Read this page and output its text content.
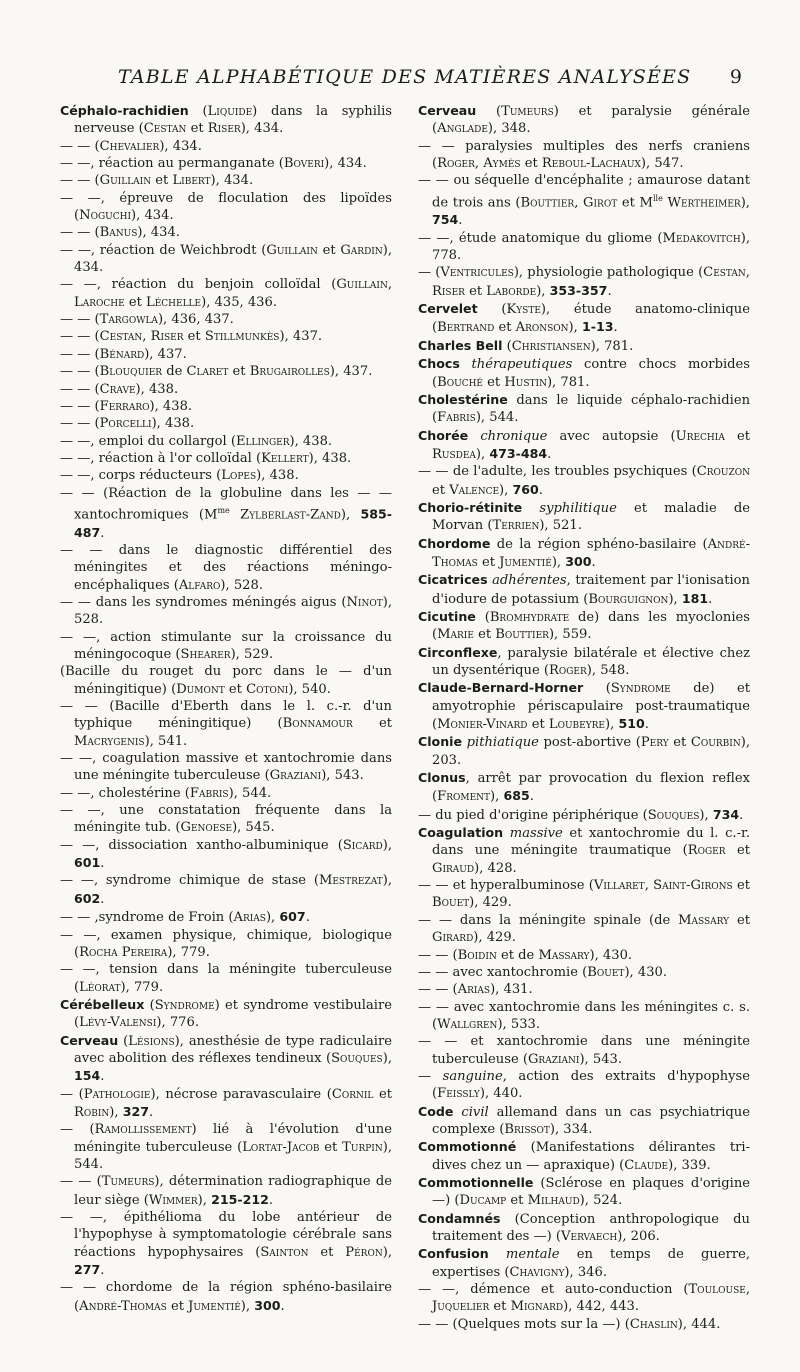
TABLE ALPHABÉTIQUE DES MATIÈRES ANALYSÉES 9

Céphalo-rachidien (Liquide) dans la syphilis nerveuse (Cestan et Riser), 434.

— — (Chevalier), 434.

— —, réaction au permanganate (Boveri), 434.

— — (Guillain et Libert), 434.

— —, épreuve de floculation des lipoïdes (Noguchi), 434.

— — (Banus), 434.

— —, réaction de Weichbrodt (Guillain et Gardin), 434.

— —, réaction du benjoin colloïdal (Guillain, Laroche et Léchelle), 435, 436.

— — (Targowla), 436, 437.

— — (Cestan, Riser et Stillmunkès), 437.

— — (Bénard), 437.

— — (Blouquier de Claret et Brugairolles), 437.

— — (Crave), 438.

— — (Ferraro), 438.

— — (Porcelli), 438.

— —, emploi du collargol (Ellinger), 438.

— —, réaction à l'or colloïdal (Kellert), 438.

— —, corps réducteurs (Lopes), 438.

— — (Réaction de la globuline dans les — — xantochromiques ($M^{me}$ Zylberlast-Zand), 585-487.

— — dans le diagnostic différentiel des méningites et des réactions méningo-encéphaliques (Alfaro), 528.

— — dans les syndromes méningés aigus (Ninot), 528.

— —, action stimulante sur la croissance du méningocoque (Shearer), 529.

(Bacille du rouget du porc dans le — d'un méningitique) (Dumont et Cotoni), 540.

— — (Bacille d'Eberth dans le l. c.-r. d'un typhique méningitique) (Bonnamour et Macrygenis), 541.

— —, coagulation massive et xantochromie dans une méningite tuberculeuse (Graziani), 543.

— —, cholestérine (Fabris), 544.

— —, une constatation fréquente dans la méningite tub. (Genoese), 545.

— —, dissociation xantho-albuminique (Sicard), 601.

— —, syndrome chimique de stase (Mestrezat), 602.

— — ,syndrome de Froin (Arias), 607.

— —, examen physique, chimique, biologique (Rocha Pereira), 779.

— —, tension dans la méningite tuberculeuse (Léorat), 779.

Cérébelleux (Syndrome) et syndrome vestibulaire (Lévy-Valensi), 776.

Cerveau (Lésions), anesthésie de type radiculaire avec abolition des réflexes tendineux (Souques), 154.

— (Pathologie), nécrose paravasculaire (Cornil et Robin), 327.

— (Ramollissement) lié à l'évolution d'une méningite tuberculeuse (Lortat-Jacob et Turpin), 544.

— — (Tumeurs), détermination radiographique de leur siège (Wimmer), 215-212.

— —, épithélioma du lobe antérieur de l'hypophyse à symptomatologie cérébrale sans réactions hypophysaires (Sainton et Péron), 277.

— — chordome de la région sphéno-basilaire (André-Thomas et Jumentié), 300.

Cerveau (Tumeurs) et paralysie générale (Anglade), 348.

— — paralysies multiples des nerfs craniens (Roger, Aymès et Reboul-Lachaux), 547.

— — ou séquelle d'encéphalite ; amaurose datant de trois ans (Bouttier, Girot et $M^{lle}$ Wertheimer), 754.

— —, étude anatomique du gliome (Medakovitch), 778.

— (Ventricules), physiologie pathologique (Cestan, Riser et Laborde), 353-357.

Cervelet (Kyste), étude anatomo-clinique (Bertrand et Aronson), 1-13.

Charles Bell (Christiansen), 781.

Chocs thérapeutiques contre chocs morbides (Bouché et Hustin), 781.

Cholestérine dans le liquide céphalo-rachidien (Fabris), 544.

Chorée chronique avec autopsie (Urechia et Rusdea), 473-484.

— — de l'adulte, les troubles psychiques (Crouzon et Valence), 760.

Chorio-rétinite syphilitique et maladie de Morvan (Terrien), 521.

Chordome de la région sphéno-basilaire (André-Thomas et Jumentié), 300.

Cicatrices adhérentes, traitement par l'ionisation d'iodure de potassium (Bourguignon), 181.

Cicutine (Bromhydrate de) dans les myoclonies (Marie et Bouttier), 559.

Circonflexe, paralysie bilatérale et élective chez un dysentérique (Roger), 548.

Claude-Bernard-Horner (Syndrome de) et amyotrophie périscapulaire post-traumatique (Monier-Vinard et Loubeyre), 510.

Clonie pithiatique post-abortive (Pery et Courbin), 203.

Clonus, arrêt par provocation du flexion reflex (Froment), 685.

— du pied d'origine périphérique (Souques), 734.

Coagulation massive et xantochromie du l. c.-r. dans une méningite traumatique (Roger et Giraud), 428.

— — et hyperalbuminose (Villaret, Saint-Girons et Bouet), 429.

— — dans la méningite spinale (de Massary et Girard), 429.

— — (Boidin et de Massary), 430.

— — avec xantochromie (Bouet), 430.

— — (Arias), 431.

— — avec xantochromie dans les méningites c. s. (Wallgren), 533.

— — et xantochromie dans une méningite tuberculeuse (Graziani), 543.

— sanguine, action des extraits d'hypophyse (Feissly), 440.

Code civil allemand dans un cas psychiatrique complexe (Brissot), 334.

Commotionné (Manifestations délirantes tri-dives chez un — apraxique) (Claude), 339.

Commotionnelle (Sclérose en plaques d'origine —) (Ducamp et Milhaud), 524.

Condamnés (Conception anthropologique du traitement des —) (Vervaech), 206.

Confusion mentale en temps de guerre, expertises (Chavigny), 346.

— —, démence et auto-conduction (Toulouse, Juquelier et Mignard), 442, 443.

— — (Quelques mots sur la —) (Chaslin), 444.
